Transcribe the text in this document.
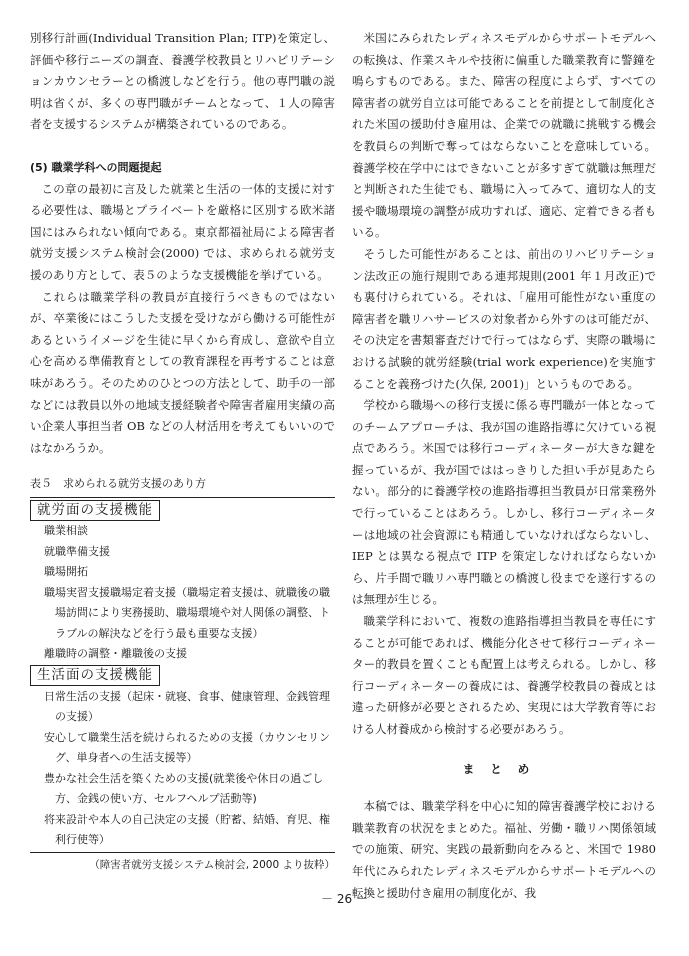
別移行計画(Individual Transition Plan; ITP)を策定し、評価や移行ニーズの調査、養護学校教員とリハビリテーションカウンセラーとの橋渡しなどを行う。他の専門職の説明は省くが、多くの専門職がチームとなって、１人の障害者を支援するシステムが構築されているのである。

(5) 職業学科への問題提起

この章の最初に言及した就業と生活の一体的支援に対する必要性は、職場とプライベートを厳格に区別する欧米諸国にはみられない傾向である。東京都福祉局による障害者就労支援システム検討会(2000) では、求められる就労支援のあり方として、表５のような支援機能を挙げている。

これらは職業学科の教員が直接行うべきものではないが、卒業後にはこうした支援を受けながら働ける可能性があるというイメージを生徒に早くから育成し、意欲や自立心を高める準備教育としての教育課程を再考することは意味があろう。そのためのひとつの方法として、助手の一部などには教員以外の地域支援経験者や障害者雇用実績の高い企業人事担当者 OB などの人材活用を考えてもいいのではなかろうか。

表５　求められる就労支援のあり方
就労面の支援機能
職業相談
就職準備支援
職場開拓
職場実習支援職場定着支援（職場定着支援は、就職後の職場訪問により実務援助、職場環境や対人関係の調整、トラブルの解決などを行う最も重要な支援）
離職時の調整・離職後の支援
生活面の支援機能
日常生活の支援（起床・就寝、食事、健康管理、金銭管理の支援）
安心して職業生活を続けられるための支援（カウンセリング、単身者への生活支援等）
豊かな社会生活を築くための支援(就業後や休日の過ごし方、金銭の使い方、セルフヘルプ活動等)
将来設計や本人の自己決定の支援（貯蓄、結婚、育児、権利行使等）
（障害者就労支援システム検討会, 2000 より抜粋）

米国にみられたレディネスモデルからサポートモデルへの転換は、作業スキルや技術に偏重した職業教育に警鐘を鳴らすものである。また、障害の程度によらず、すべての障害者の就労自立は可能であることを前提として制度化された米国の援助付き雇用は、企業での就職に挑戦する機会を教員らの判断で奪ってはならないことを意味している。養護学校在学中にはできないことが多すぎて就職は無理だと判断された生徒でも、職場に入ってみて、適切な人的支援や職場環境の調整が成功すれば、適応、定着できる者もいる。

そうした可能性があることは、前出のリハビリテーション法改正の施行規則である連邦規則(2001 年１月改正)でも裏付けられている。それは、「雇用可能性がない重度の障害者を職リハサービスの対象者から外すのは可能だが、その決定を書類審査だけで行ってはならず、実際の職場における試験的就労経験(trial work experience)を実施することを義務づけた(久保, 2001)」というものである。

学校から職場への移行支援に係る専門職が一体となってのチームアプローチは、我が国の進路指導に欠けている視点であろう。米国では移行コーディネーターが大きな鍵を握っているが、我が国でははっきりした担い手が見あたらない。部分的に養護学校の進路指導担当教員が日常業務外で行っていることはあろう。しかし、移行コーディネーターは地域の社会資源にも精通していなければならないし、IEP とは異なる視点で ITP を策定しなければならないから、片手間で職リハ専門職との橋渡し役までを遂行するのは無理が生じる。

職業学科において、複数の進路指導担当教員を専任にすることが可能であれば、機能分化させて移行コーディネーター的教員を置くことも配置上は考えられる。しかし、移行コーディネーターの養成には、養護学校教員の養成とは違った研修が必要とされるため、実現には大学教育等における人材養成から検討する必要があろう。

まとめ

本稿では、職業学科を中心に知的障害養護学校における職業教育の状況をまとめた。福祉、労働・職リハ関係領域での施策、研究、実践の最新動向をみると、米国で 1980 年代にみられたレディネスモデルからサポートモデルへの転換と援助付き雇用の制度化が、我

－ 26 －
